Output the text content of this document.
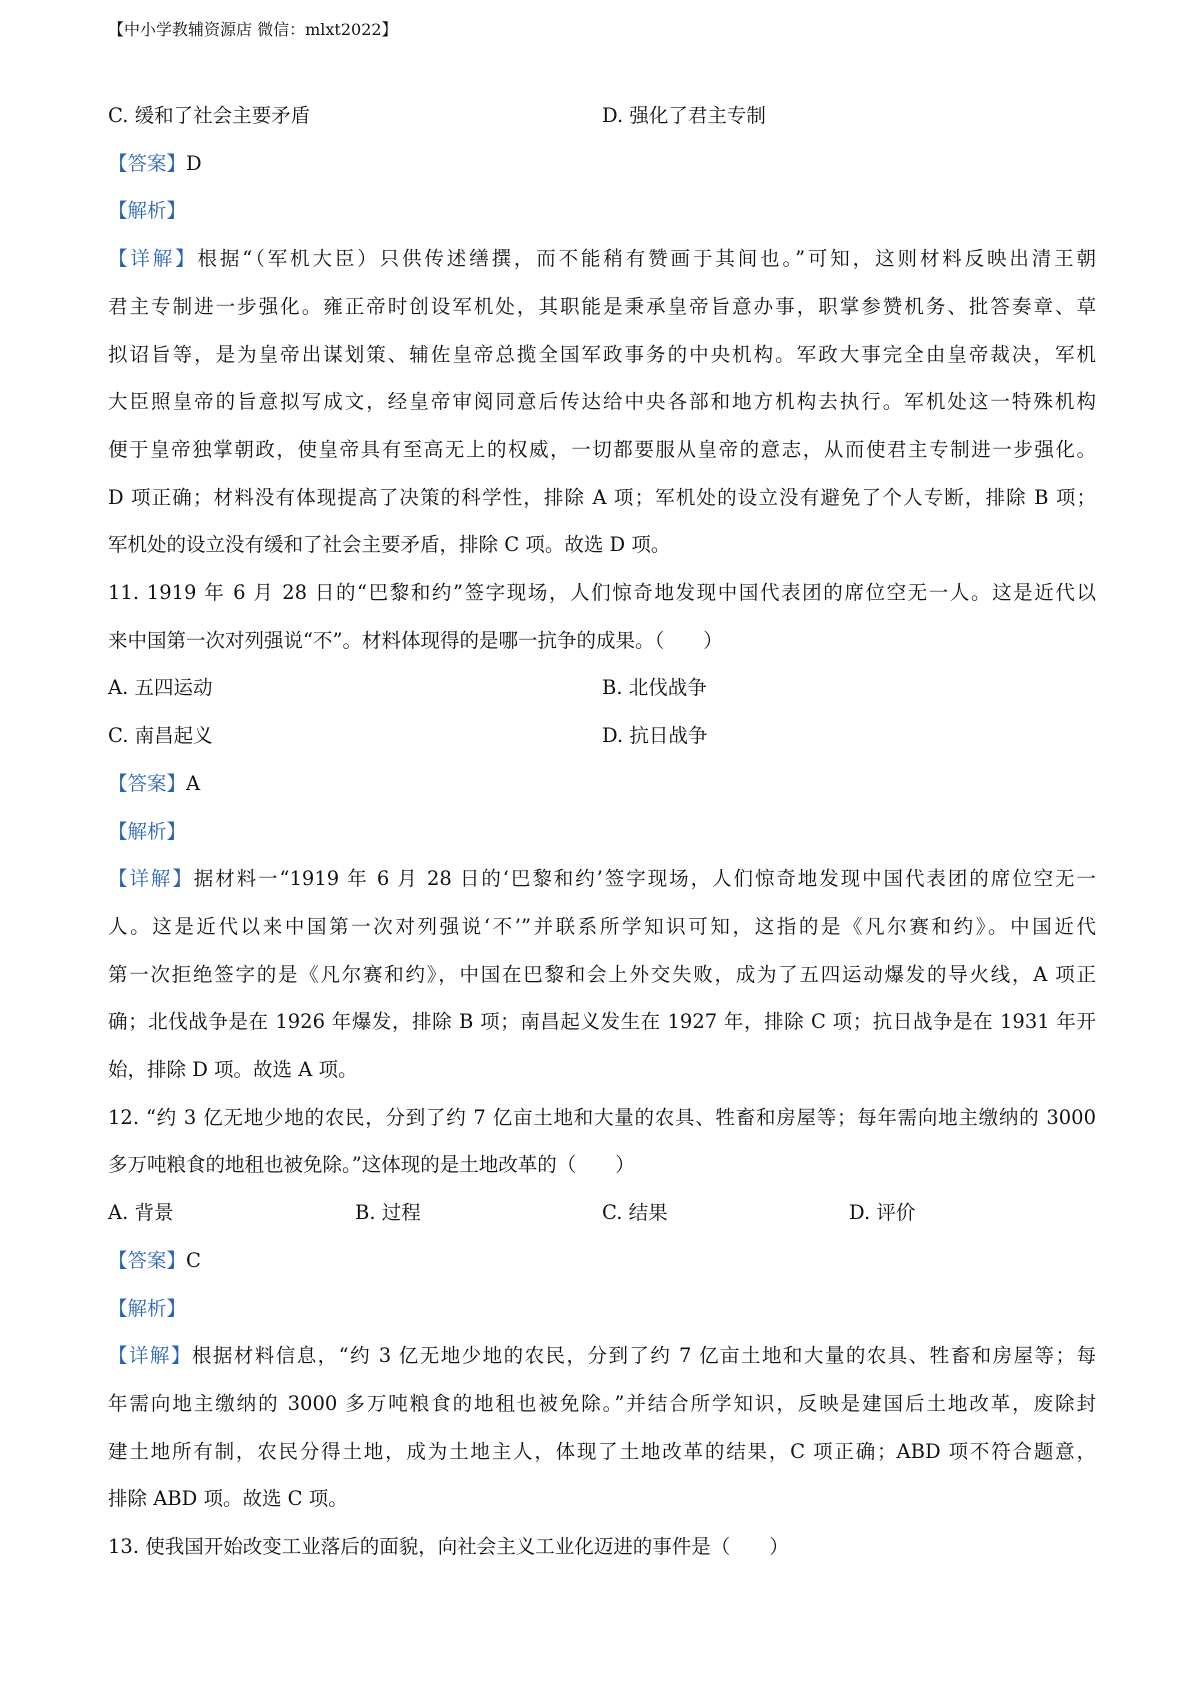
【中小学教辅资源店 微信：mlxt2022】
C. 缓和了社会主要矛盾	D. 强化了君主专制

【答案】D

【解析】

【详解】根据“（军机大臣）只供传述缮撰，而不能稍有赞画于其间也。”可知，这则材料反映出清王朝

君主专制进一步强化。雍正帝时创设军机处，其职能是秉承皇帝旨意办事，职掌参赞机务、批答奏章、草

拟诏旨等，是为皇帝出谋划策、辅佐皇帝总揽全国军政事务的中央机构。军政大事完全由皇帝裁决，军机

大臣照皇帝的旨意拟写成文，经皇帝审阅同意后传达给中央各部和地方机构去执行。军机处这一特殊机构

便于皇帝独掌朝政，使皇帝具有至高无上的权威，一切都要服从皇帝的意志，从而使君主专制进一步强化。

D 项正确；材料没有体现提高了决策的科学性，排除 A 项；军机处的设立没有避免了个人专断，排除 B 项；

军机处的设立没有缓和了社会主要矛盾，排除 C 项。故选 D 项。

11. 1919 年 6 月 28 日的“巴黎和约”签字现场，人们惊奇地发现中国代表团的席位空无一人。这是近代以

来中国第一次对列强说“不”。材料体现得的是哪一抗争的成果。（　　）

A. 五四运动	B. 北伐战争
C. 南昌起义	D. 抗日战争

【答案】A

【解析】

【详解】据材料一“1919 年 6 月 28 日的‘巴黎和约’签字现场，人们惊奇地发现中国代表团的席位空无一

人。这是近代以来中国第一次对列强说‘不’”并联系所学知识可知，这指的是《凡尔赛和约》。中国近代

第一次拒绝签字的是《凡尔赛和约》，中国在巴黎和会上外交失败，成为了五四运动爆发的导火线，A 项正

确；北伐战争是在 1926 年爆发，排除 B 项；南昌起义发生在 1927 年，排除 C 项；抗日战争是在 1931 年开

始，排除 D 项。故选 A 项。

12. “约 3 亿无地少地的农民，分到了约 7 亿亩土地和大量的农具、牲畜和房屋等；每年需向地主缴纳的 3000

多万吨粮食的地租也被免除。”这体现的是土地改革的（　　）

A. 背景	B. 过程	C. 结果	D. 评价

【答案】C

【解析】

【详解】根据材料信息，“约 3 亿无地少地的农民，分到了约 7 亿亩土地和大量的农具、牲畜和房屋等；每

年需向地主缴纳的 3000 多万吨粮食的地租也被免除。”并结合所学知识，反映是建国后土地改革，废除封

建土地所有制，农民分得土地，成为土地主人，体现了土地改革的结果，C 项正确；ABD 项不符合题意，

排除 ABD 项。故选 C 项。

13. 使我国开始改变工业落后的面貌，向社会主义工业化迈进的事件是（　　）
